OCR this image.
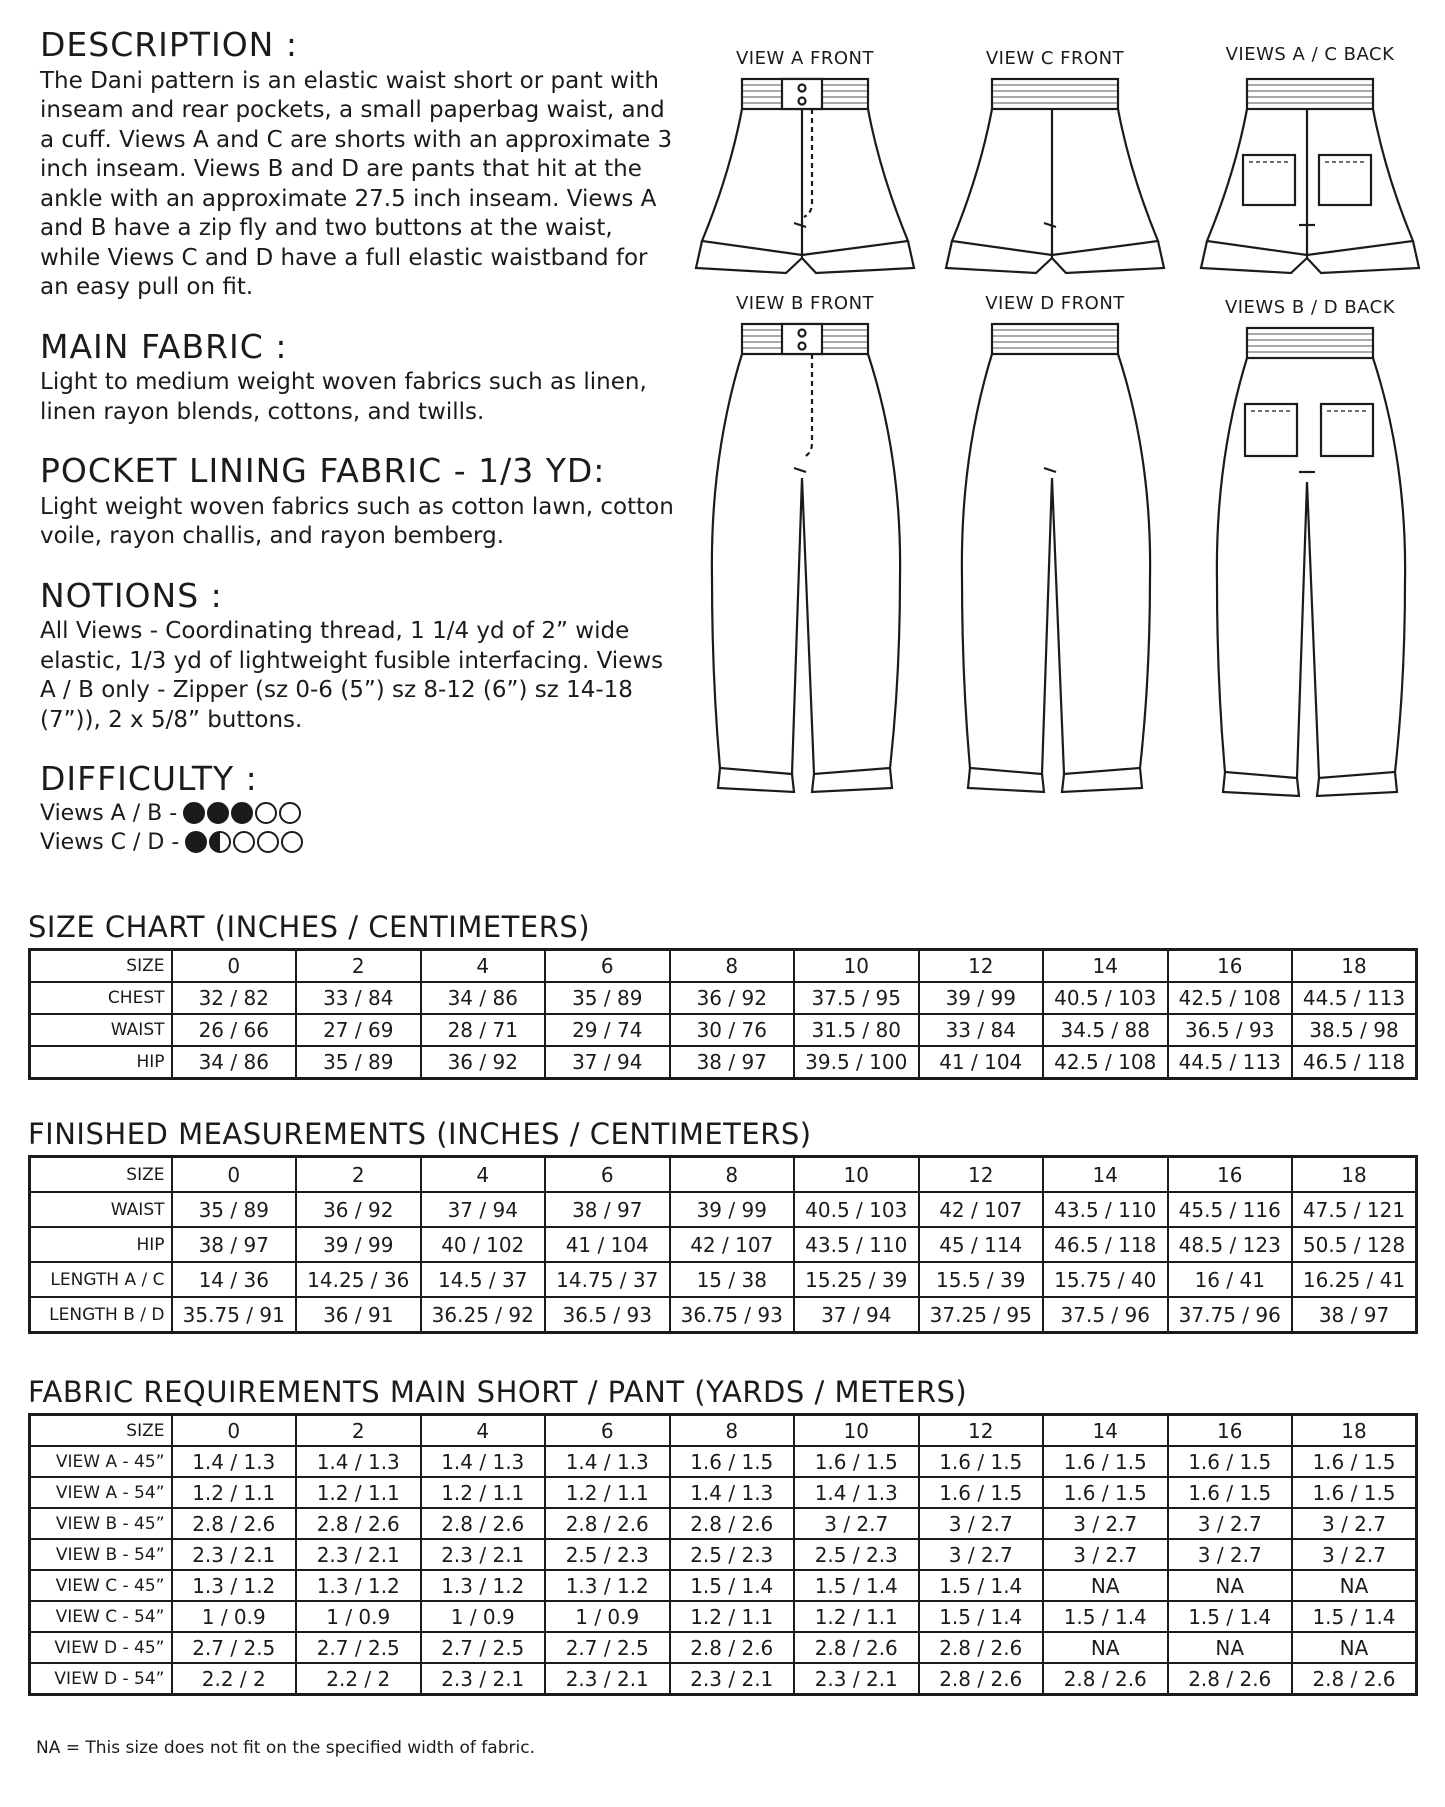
DESCRIPTION :

The Dani pattern is an elastic waist short or pant with inseam and rear pockets, a small paperbag waist, and a cuff. Views A and C are shorts with an approximate 3 inch inseam. Views B and D are pants that hit at the ankle with an approximate 27.5 inch inseam. Views A and B have a zip fly and two buttons at the waist, while Views C and D have a full elastic waistband for an easy pull on fit.

MAIN FABRIC :

Light to medium weight woven fabrics such as linen, linen rayon blends, cottons, and twills.

POCKET LINING FABRIC - 1/3 YD:

Light weight woven fabrics such as cotton lawn, cotton voile, rayon challis, and rayon bemberg.

NOTIONS :

All Views - Coordinating thread, 1 1/4 yd of 2” wide elastic, 1/3 yd of lightweight fusible interfacing. Views A / B only - Zipper (sz 0-6 (5”) sz 8-12 (6”) sz 14-18 (7”)), 2 x 5/8” buttons.

DIFFICULTY :
Views A / B -
Views C / D -
VIEW A FRONT	VIEW C FRONT	VIEWS A / C BACK
VIEW B FRONT	VIEW D FRONT	VIEWS B / D BACK
SIZE CHART (INCHES / CENTIMETERS)
SIZE	0	2	4	6	8	10	12	14	16	18
CHEST	32 / 82	33 / 84	34 / 86	35 / 89	36 / 92	37.5 / 95	39 / 99	40.5 / 103	42.5 / 108	44.5 / 113
WAIST	26 / 66	27 / 69	28 / 71	29 / 74	30 / 76	31.5 / 80	33 / 84	34.5 / 88	36.5 / 93	38.5 / 98
HIP	34 / 86	35 / 89	36 / 92	37 / 94	38 / 97	39.5 / 100	41 / 104	42.5 / 108	44.5 / 113	46.5 / 118
FINISHED MEASUREMENTS (INCHES / CENTIMETERS)
SIZE	0	2	4	6	8	10	12	14	16	18
WAIST	35 / 89	36 / 92	37 / 94	38 / 97	39 / 99	40.5 / 103	42 / 107	43.5 / 110	45.5 / 116	47.5 / 121
HIP	38 / 97	39 / 99	40 / 102	41 / 104	42 / 107	43.5 / 110	45 / 114	46.5 / 118	48.5 / 123	50.5 / 128
LENGTH A / C	14 / 36	14.25 / 36	14.5 / 37	14.75 / 37	15 / 38	15.25 / 39	15.5 / 39	15.75 / 40	16 / 41	16.25 / 41
LENGTH B / D	35.75 / 91	36 / 91	36.25 / 92	36.5 / 93	36.75 / 93	37 / 94	37.25 / 95	37.5 / 96	37.75 / 96	38 / 97
FABRIC REQUIREMENTS MAIN SHORT / PANT (YARDS / METERS)
SIZE	0	2	4	6	8	10	12	14	16	18
VIEW A - 45”	1.4 / 1.3	1.4 / 1.3	1.4 / 1.3	1.4 / 1.3	1.6 / 1.5	1.6 / 1.5	1.6 / 1.5	1.6 / 1.5	1.6 / 1.5	1.6 / 1.5
VIEW A - 54”	1.2 / 1.1	1.2 / 1.1	1.2 / 1.1	1.2 / 1.1	1.4 / 1.3	1.4 / 1.3	1.6 / 1.5	1.6 / 1.5	1.6 / 1.5	1.6 / 1.5
VIEW B - 45”	2.8 / 2.6	2.8 / 2.6	2.8 / 2.6	2.8 / 2.6	2.8 / 2.6	3 / 2.7	3 / 2.7	3 / 2.7	3 / 2.7	3 / 2.7
VIEW B - 54”	2.3 / 2.1	2.3 / 2.1	2.3 / 2.1	2.5 / 2.3	2.5 / 2.3	2.5 / 2.3	3 / 2.7	3 / 2.7	3 / 2.7	3 / 2.7
VIEW C - 45”	1.3 / 1.2	1.3 / 1.2	1.3 / 1.2	1.3 / 1.2	1.5 / 1.4	1.5 / 1.4	1.5 / 1.4	NA	NA	NA
VIEW C - 54”	1 / 0.9	1 / 0.9	1 / 0.9	1 / 0.9	1.2 / 1.1	1.2 / 1.1	1.5 / 1.4	1.5 / 1.4	1.5 / 1.4	1.5 / 1.4
VIEW D - 45”	2.7 / 2.5	2.7 / 2.5	2.7 / 2.5	2.7 / 2.5	2.8 / 2.6	2.8 / 2.6	2.8 / 2.6	NA	NA	NA
VIEW D - 54”	2.2 / 2	2.2 / 2	2.3 / 2.1	2.3 / 2.1	2.3 / 2.1	2.3 / 2.1	2.8 / 2.6	2.8 / 2.6	2.8 / 2.6	2.8 / 2.6
NA = This size does not fit on the specified width of fabric.
